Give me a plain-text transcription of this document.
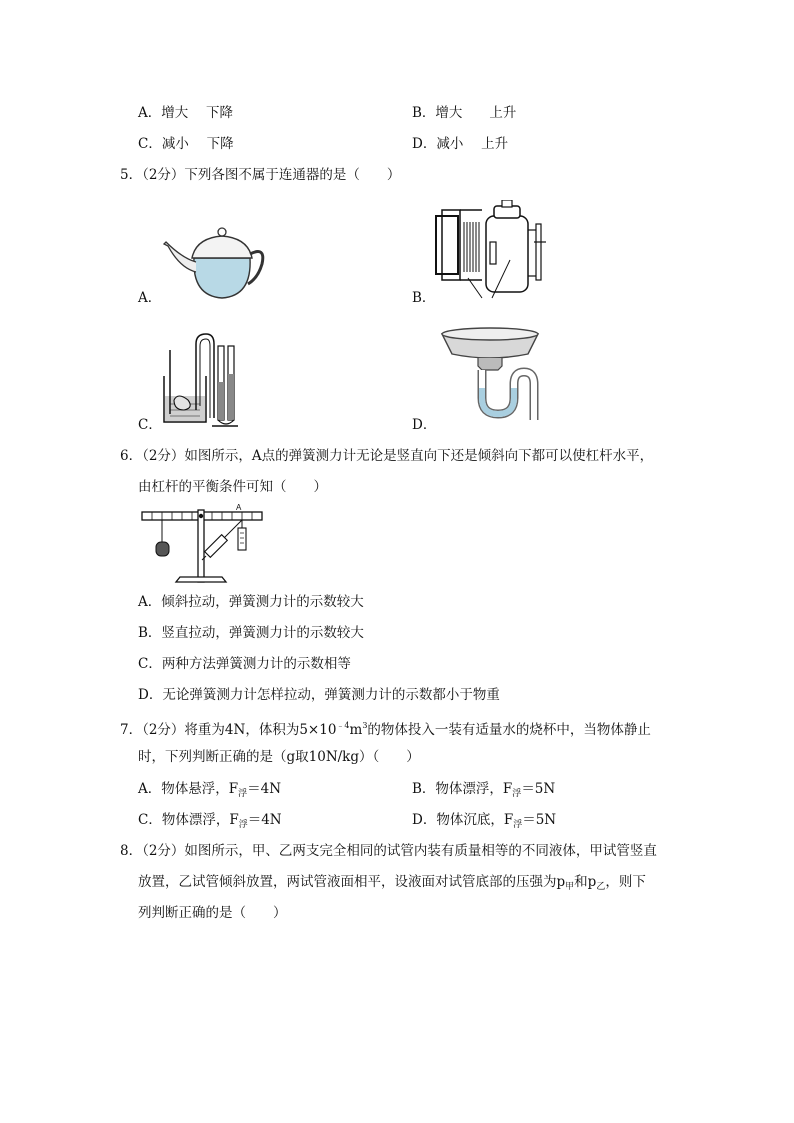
A．增大　 下降	B．增大　　上升
C．减小　 下降	D．减小　 上升
5．（2分）下列各图不属于连通器的是（　　）
A．	B．
C．	D．
6．（2分）如图所示，A点的弹簧测力计无论是竖直向下还是倾斜向下都可以使杠杆水平，
由杠杆的平衡条件可知（　　）
A
A．倾斜拉动，弹簧测力计的示数较大
B．竖直拉动，弹簧测力计的示数较大
C．两种方法弹簧测力计的示数相等
D．无论弹簧测力计怎样拉动，弹簧测力计的示数都小于物重
7．（2分）将重为4N，体积为$5\times 10^{﹣4}m^3$的物体投入一装有适量水的烧杯中，当物体静止
时，下列判断正确的是（g取10N/kg）（　　）
A．物体悬浮，$F_浮=4N$	B．物体漂浮，$F_浮=5N$
C．物体漂浮，$F_浮=4N$	D．物体沉底，$F_浮=5N$
8．（2分）如图所示，甲、乙两支完全相同的试管内装有质量相等的不同液体，甲试管竖直
放置，乙试管倾斜放置，两试管液面相平，设液面对试管底部的压强为$p_甲$和$p_乙$，则下
列判断正确的是（　　）
